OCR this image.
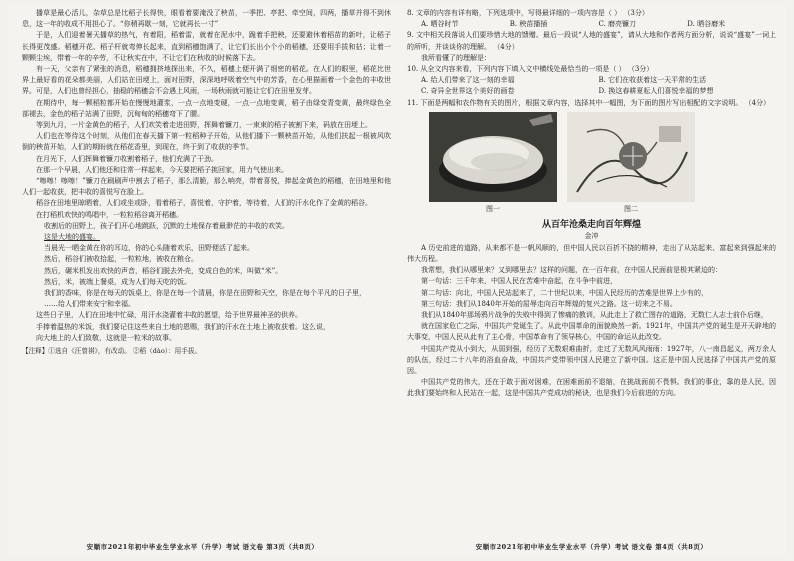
播草是最心活儿，杂草总是比稻子长得快，眼看着要淹没了秧苗，一季把、亭把、牵空间，四两，播草并得不到休息，这一年的收成不用担心了。“你稍再歇一刻，它就再长一寸”

于是，人们迎着暑天播草的热气，有着阳，稻着雷，就着在泥水中，跪着手把秧，还要避休着稻苗的新叶，让稻子长得更茂盛。稻穗开花、稻子杆就弯伸长起来，直到稻穗饱满了，让它们长出小个小的稻穗，还要用手拔和拈；让着一颗颗尘埃，带着一年的辛劳，不让秋实在中，不让它们在秋收的时候落下去。

有一天，父亲有了紧张的消息，稻穗拥挤地探出来，不久，稻穗上便开满了细密的稻花。在人们的眼里，稻花比世界上最好看的花朵都美丽，人们站在田埂上，面对田野，深深地呼吸着空气中的芳香，在心里描画着一个金色的丰收世界。可是，人们也曾经担心，抽稳的稻穗会不会遇上风雨，一场秋雨就可能让它们在田里发芽。

在期待中，每一颗稻粒都开始在慢慢地灌浆，一点一点地变硬，一点一点地变黄，稻子由绿变青变黄，最终绿色全部褪去，金色的稻子站满了田野，沉甸甸的稻穗弯下了腰。

等到九月，一片金黄色的稻子，人们欢笑着走进田野，挥舞着镰刀，一束束的稻子被割下来，码放在田埂上。

人们也在等待这个时刻，从他们在春天播下第一粒稻种子开始，从他们播下一颗秧苗开始，从他们扶起一根被风吹倒的秧苗开始，人们的期盼就在稻花香里，到现在，终于到了收获的季节。

在月光下，人们挥舞着镰刀收割着稻子，他们充满了干劲。

在那一个早晨，人们他还和往常一样起来，今天要把稻子挑回家，用力气使出来。

“嚓嚓！嚓嚓！”镰刀在刷刷声中割去了稻子，那么清脆，那么响亮，带着喜悦，捧起金黄色的稻穗，在田地里和他人们一起收获，把丰收的喜悦写在脸上。

稻谷在田地里晾晒着，人们或坐或卧，看着稻子，喜悦着，守护着，等待着，人们的汗水化作了金黄的稻谷。

在打稻机欢快的鸣唱中，一粒粒稻谷离开稻穗。

收割后的田野上，孩子们开心地跳跃，沉默的土地保存着最渺茫的丰收的欢笑。

这是大地的盛宴。

当晨光一晒金黄在你的耳边，你的心头随着欢乐，田野便活了起来。

然后，稻谷们被收拾起，一粒粒地，被收在粮仓。

然后，碾米机发出欢快的声音，稻谷们脱去外壳，变成白色的米，叫做“米”。

然后，米，被端上餐桌，成为人们每天吃的饭。

我们的香味，你是在每天的饭桌上，你是在每一个清晨，你是在田野和天空，你是在每个平凡的日子里，

……给人们带来安宁和幸福。

这些日子里，人们在田地中忙碌，用汗水浇灌着丰收的愿望，给予世界最神圣的供养。

手捧着温热的米饭，我们要记住这些来自土地的恩赐，我们的汗水在土地上被收获着。这么说，

向大地上的人们致敬，这就是一粒米的故事。

【注释】①选自《汪曾祺》，有改动。 ②稻（dào）：用手拔。

安顺市2021年初中毕业生学业水平（升学）考试 语文卷 第3页（共8页）

8. 文章的内容有详有略，下列选项中，写得最详细的一项内容是（ ） （3分）

A. 晒谷时节	B. 秧苗播插	C. 磨亮镰刀	D. 晒谷磨米

9. 文中相关段落说人们要珍惜大地的馈赠。最后一段说“人地的盛宴”，请从大地和作者两方面分析，说说“盛宴”一词上的所听，并谈谈你的理解。 （4分）

我所看懂了的理解是：

10. 从全文内容来看，下列内容下填入文中横线处最恰当的一项是（ ） （3分）

A. 给人们带来了这一刻的幸福	B. 它们在收获着这一天平常的生活
C. 奇异全世界这个美好的画卷	D. 换这春耕夏耘人们喜悦幸福的梦想

11. 下面是两幅和农作物有关的图片，根据文章内容，选择其中一幅图，为下面的图片写出相配的文字说明。 （4分）

图一	图二
从百年沧桑走向百年辉煌
金冲

A 历史前进的道路，从来都不是一帆风顺的，但中国人民以百折不挠的精神，走出了从站起来、富起来到强起来的伟大历程。

我常想，我们从哪里来？又到哪里去？这样的问题，在一百年前，在中国人民面前是极其紧迫的：

第一句话：三千年来，中国人民在苦难中奋起，在斗争中前进，

第二句话：向北，中国人民站起来了，二十世纪以来，中国人民经历的苦难是世界上少有的，

第三句话：我们从1840年开始的屈辱走向百年辉煌的复兴之路。这一切来之不易。

我们从1840年那场鸦片战争的失败中得到了惨痛的教训，从此走上了救亡图存的道路，无数仁人志士前仆后继，

就在国家危亡之际，中国共产党诞生了。从此中国革命的面貌焕然一新。1921年，中国共产党的诞生是开天辟地的大事变，中国人民从此有了主心骨，中国革命有了领导核心，中国的命运从此改变。

中国共产党从小到大，从弱到强，经历了无数艰难曲折，走过了无数风风雨雨：1927年，八一南昌起义，两万余人的队伍，经过二十八年的浴血奋战，中国共产党带领中国人民建立了新中国。这正是中国人民选择了中国共产党的原因。

中国共产党的伟大，还在于敢于面对困难，在困难面前不退缩，在挑战面前不畏惧。我们的事业，靠的是人民，因此我们要始终和人民站在一起，这是中国共产党成功的秘诀，也是我们今后前进的方向。

安顺市2021年初中毕业生学业水平（升学）考试 语文卷 第4页（共8页）
